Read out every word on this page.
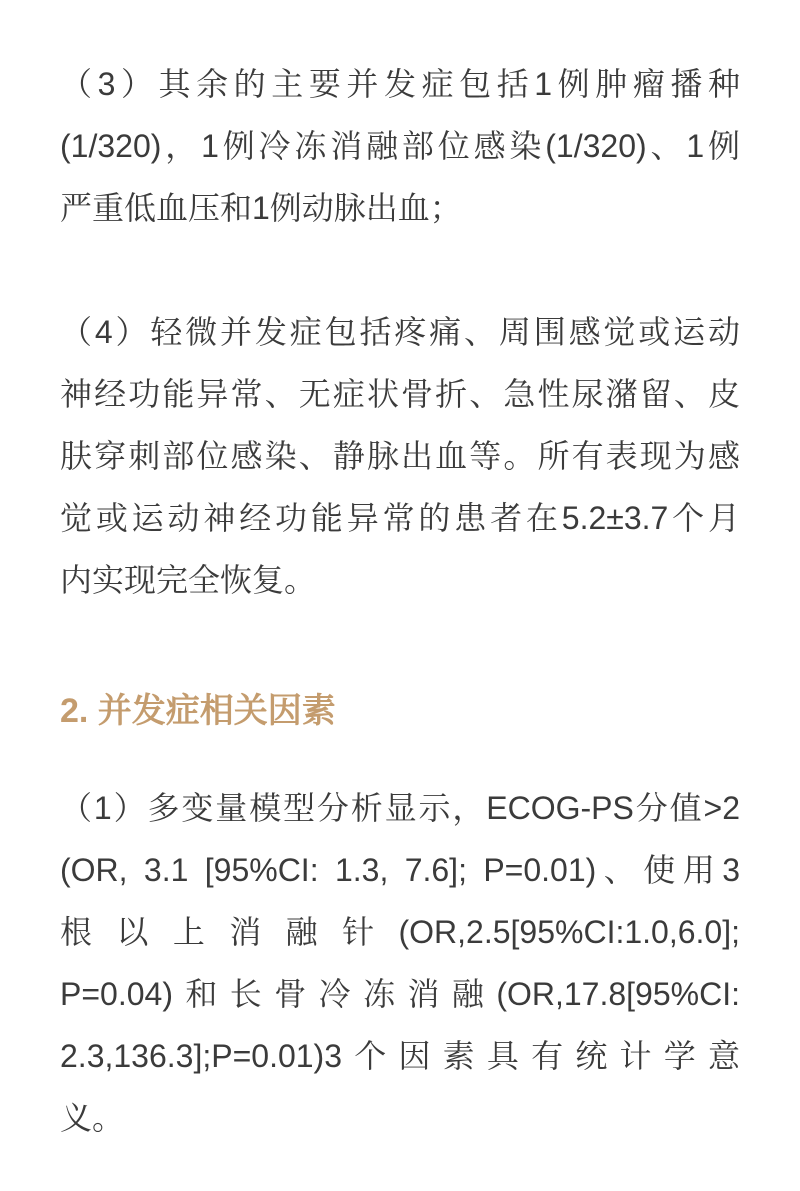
（3）其余的主要并发症包括1例肿瘤播种
(1/320)，1例冷冻消融部位感染(1/320)、1例
严重低血压和1例动脉出血；
（4）轻微并发症包括疼痛、周围感觉或运动
神经功能异常、无症状骨折、急性尿潴留、皮
肤穿刺部位感染、静脉出血等。所有表现为感
觉或运动神经功能异常的患者在5.2±3.7个月
内实现完全恢复。
2. 并发症相关因素
（1）多变量模型分析显示，ECOG-PS分值>2
(OR, 3.1 [95%CI: 1.3, 7.6]; P=0.01)、使用3
根以上消融针(OR,2.5[95%CI:1.0,6.0];
P=0.04)和长骨冷冻消融(OR,17.8[95%CI:
2.3,136.3];P=0.01)3个因素具有统计学意
义。
